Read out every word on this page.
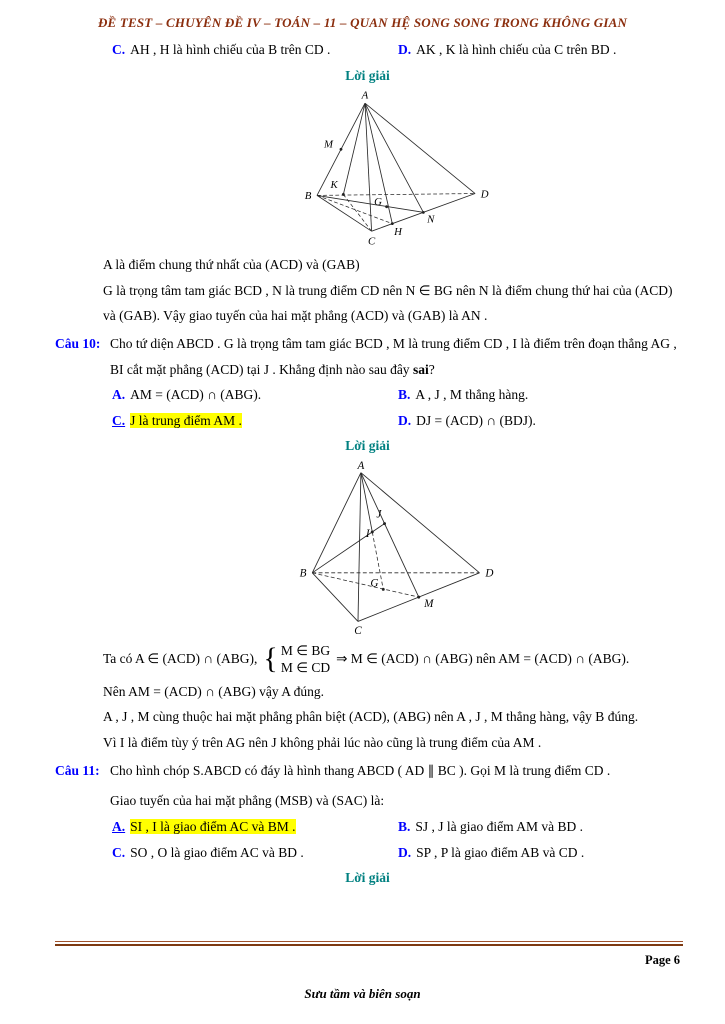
ĐỀ TEST – CHUYÊN ĐỀ IV – TOÁN – 11 – QUAN HỆ SONG SONG TRONG KHÔNG GIAN
C. AH , H là hình chiếu của B trên CD .	D. AK , K là hình chiếu của C trên BD .
Lời giải
A
M
K
B	G
D
N
C
H
A là điểm chung thứ nhất của (ACD) và (GAB)
G là trọng tâm tam giác BCD , N là trung điểm CD nên N ∈ BG nên N là điểm chung thứ hai của (ACD) và (GAB). Vậy giao tuyến của hai mặt phẳng (ACD) và (GAB) là AN .
Câu 10: Cho tứ diện ABCD . G là trọng tâm tam giác BCD , M là trung điểm CD , I là điểm trên đoạn thẳng AG , BI cắt mặt phẳng (ACD) tại J . Khẳng định nào sau đây sai?
A. AM = (ACD) ∩ (ABG).	B. A , J , M thẳng hàng.
C. J là trung điểm AM .	D. DJ = (ACD) ∩ (BDJ).
Lời giải
A
J
I
B	D
G
M
C
Ta có A ∈ (ACD) ∩ (ABG), { M ∈ BG
M ∈ CD
⇒ M ∈ (ACD) ∩ (ABG) nên AM = (ACD) ∩ (ABG).
Nên AM = (ACD) ∩ (ABG) vậy A đúng.
A , J , M cùng thuộc hai mặt phẳng phân biệt (ACD), (ABG) nên A , J , M thẳng hàng, vậy B đúng.
Vì I là điểm tùy ý trên AG nên J không phải lúc nào cũng là trung điểm của AM .
Câu 11: Cho hình chóp S.ABCD có đáy là hình thang ABCD ( AD ∥ BC ). Gọi M là trung điểm CD .
Giao tuyến của hai mặt phẳng (MSB) và (SAC) là:
A. SI , I là giao điểm AC và BM .	B. SJ , J là giao điểm AM và BD .
C. SO , O là giao điểm AC và BD .	D. SP , P là giao điểm AB và CD .
Lời giải
Page 6
Sưu tầm và biên soạn
